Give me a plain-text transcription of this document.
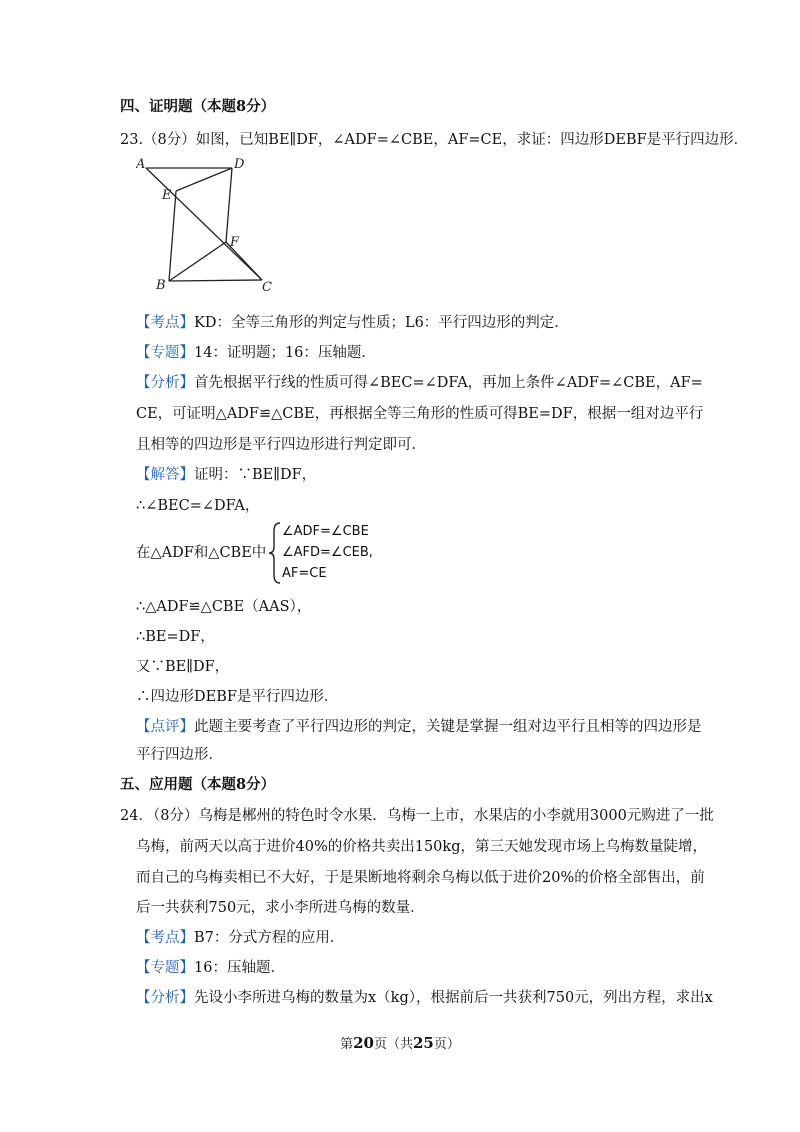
四、证明题（本题8分）
23.（8分）如图，已知BE∥DF，∠ADF=∠CBE，AF=CE，求证：四边形DEBF是平行四边形．
A	D
E
F
B	C
【考点】KD：全等三角形的判定与性质；L6：平行四边形的判定．
【专题】14：证明题；16：压轴题．
【分析】首先根据平行线的性质可得∠BEC=∠DFA，再加上条件∠ADF=∠CBE，AF=
CE，可证明△ADF≌△CBE，再根据全等三角形的性质可得BE=DF，根据一组对边平行
且相等的四边形是平行四边形进行判定即可．
【解答】证明：∵BE∥DF，
∴∠BEC=∠DFA，
在△ADF和△CBE中
∠ADF=∠CBE
∠AFD=∠CEB,
AF=CE
∴△ADF≌△CBE（AAS），
∴BE=DF，
又∵BE∥DF，
∴四边形DEBF是平行四边形．
【点评】此题主要考查了平行四边形的判定，关键是掌握一组对边平行且相等的四边形是
平行四边形．
五、应用题（本题8分）
24．（8分）乌梅是郴州的特色时令水果．乌梅一上市，水果店的小李就用3000元购进了一批
乌梅，前两天以高于进价40%的价格共卖出150kg，第三天她发现市场上乌梅数量陡增，
而自己的乌梅卖相已不大好，于是果断地将剩余乌梅以低于进价20%的价格全部售出，前
后一共获利750元，求小李所进乌梅的数量．
【考点】B7：分式方程的应用．
【专题】16：压轴题．
【分析】先设小李所进乌梅的数量为x（kg），根据前后一共获利750元，列出方程，求出x
第20页（共25页）
